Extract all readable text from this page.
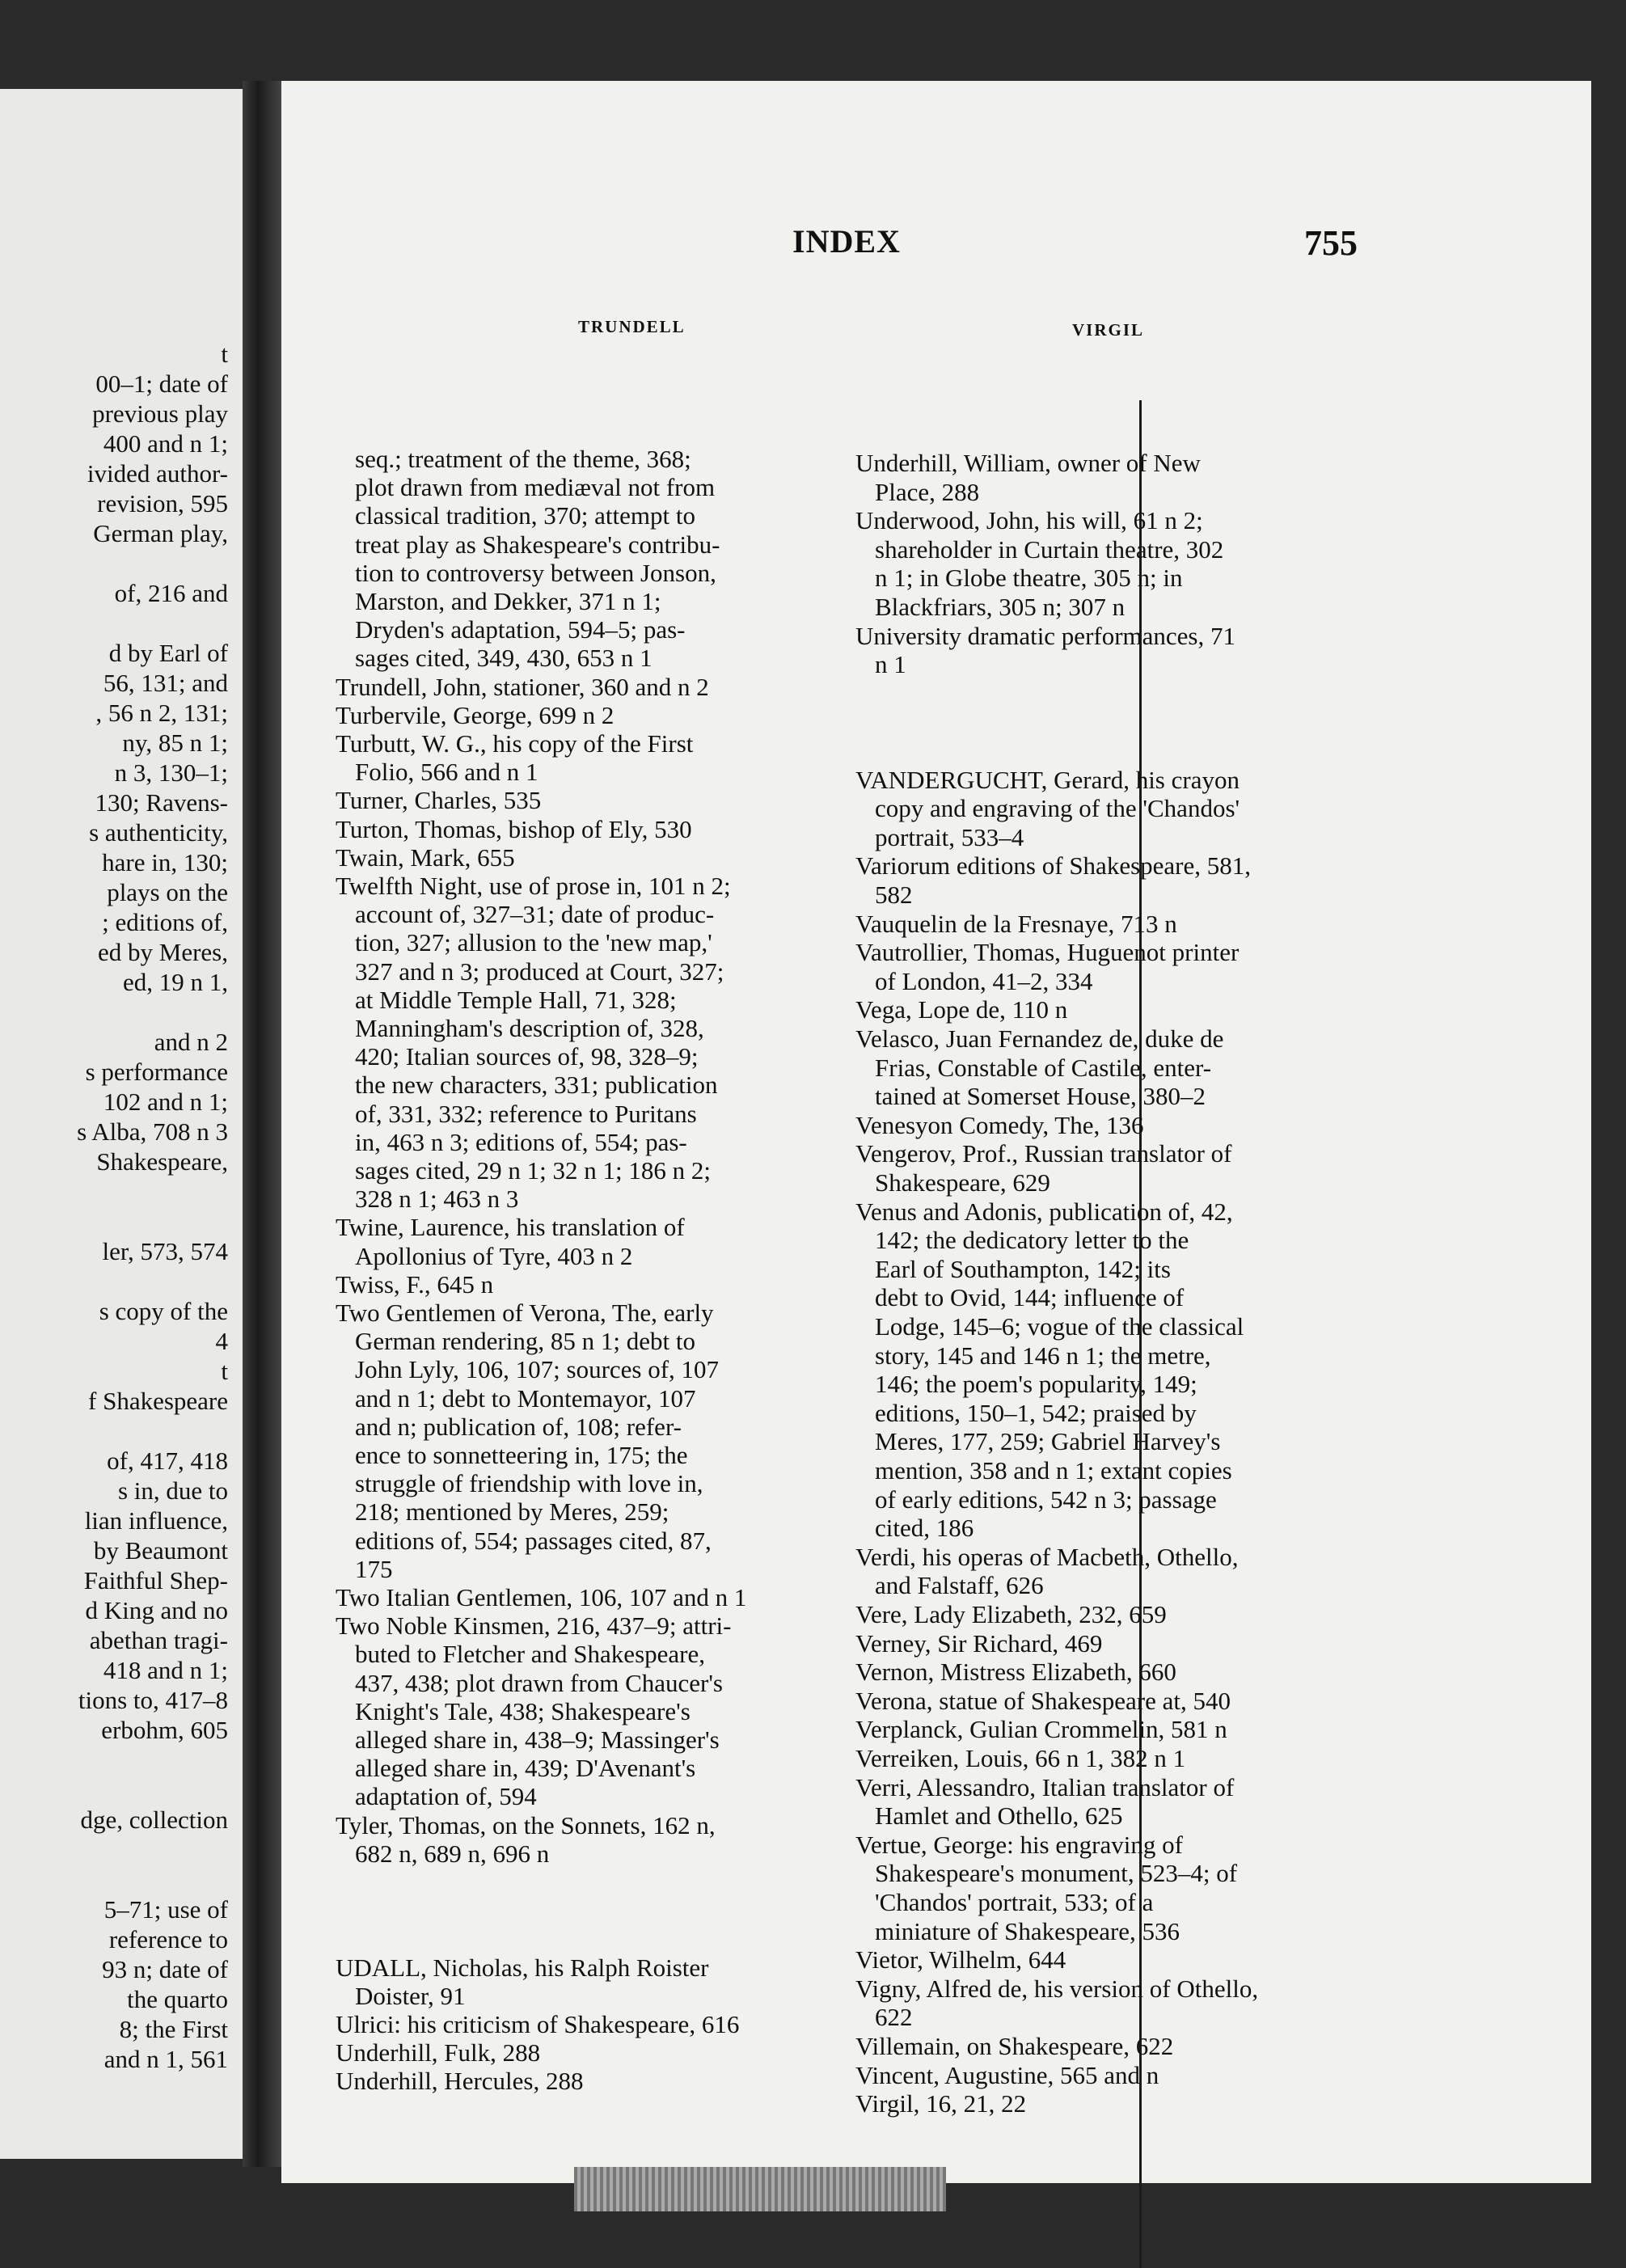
t
00–1; date of
previous play
400 and n 1;
ivided author-
revision, 595
German play,
of, 216 and
d by Earl of
56, 131; and
, 56 n 2, 131;
ny, 85 n 1;
n 3, 130–1;
130; Ravens-
s authenticity,
hare in, 130;
plays on the
; editions of,
ed by Meres,
ed, 19 n 1,
and n 2
s performance
102 and n 1;
s Alba, 708 n 3
Shakespeare,
ler, 573, 574
s copy of the
4
t
f Shakespeare
of, 417, 418
s in, due to
lian influence,
by Beaumont
Faithful Shep-
d King and no
abethan tragi-
418 and n 1;
tions to, 417–8
erbohm, 605
dge, collection
5–71; use of
reference to
93 n; date of
the quarto
8; the First
and n 1, 561
INDEX	755
TRUNDELL
seq.; treatment of the theme, 368;
plot drawn from mediæval not from
classical tradition, 370; attempt to
treat play as Shakespeare's contribu-
tion to controversy between Jonson,
Marston, and Dekker, 371 n 1;
Dryden's adaptation, 594–5; pas-
sages cited, 349, 430, 653 n 1
Trundell, John, stationer, 360 and n 2
Turbervile, George, 699 n 2
Turbutt, W. G., his copy of the First
Folio, 566 and n 1
Turner, Charles, 535
Turton, Thomas, bishop of Ely, 530
Twain, Mark, 655
Twelfth Night, use of prose in, 101 n 2;
account of, 327–31; date of produc-
tion, 327; allusion to the 'new map,'
327 and n 3; produced at Court, 327;
at Middle Temple Hall, 71, 328;
Manningham's description of, 328,
420; Italian sources of, 98, 328–9;
the new characters, 331; publication
of, 331, 332; reference to Puritans
in, 463 n 3; editions of, 554; pas-
sages cited, 29 n 1; 32 n 1; 186 n 2;
328 n 1; 463 n 3
Twine, Laurence, his translation of
Apollonius of Tyre, 403 n 2
Twiss, F., 645 n
Two Gentlemen of Verona, The, early
German rendering, 85 n 1; debt to
John Lyly, 106, 107; sources of, 107
and n 1; debt to Montemayor, 107
and n; publication of, 108; refer-
ence to sonnetteering in, 175; the
struggle of friendship with love in,
218; mentioned by Meres, 259;
editions of, 554; passages cited, 87,
175
Two Italian Gentlemen, 106, 107 and n 1
Two Noble Kinsmen, 216, 437–9; attri-
buted to Fletcher and Shakespeare,
437, 438; plot drawn from Chaucer's
Knight's Tale, 438; Shakespeare's
alleged share in, 438–9; Massinger's
alleged share in, 439; D'Avenant's
adaptation of, 594
Tyler, Thomas, on the Sonnets, 162 n,
682 n, 689 n, 696 n
UDALL, Nicholas, his Ralph Roister
Doister, 91
Ulrici: his criticism of Shakespeare, 616
Underhill, Fulk, 288
Underhill, Hercules, 288
VIRGIL
Underhill, William, owner of New
Place, 288
Underwood, John, his will, 61 n 2;
shareholder in Curtain theatre, 302
n 1; in Globe theatre, 305 n; in
Blackfriars, 305 n; 307 n
University dramatic performances, 71
n 1
VANDERGUCHT, Gerard, his crayon
copy and engraving of the 'Chandos'
portrait, 533–4
Variorum editions of Shakespeare, 581,
582
Vauquelin de la Fresnaye, 713 n
Vautrollier, Thomas, Huguenot printer
of London, 41–2, 334
Vega, Lope de, 110 n
Velasco, Juan Fernandez de, duke de
Frias, Constable of Castile, enter-
tained at Somerset House, 380–2
Venesyon Comedy, The, 136
Vengerov, Prof., Russian translator of
Shakespeare, 629
Venus and Adonis, publication of, 42,
142; the dedicatory letter to the
Earl of Southampton, 142; its
debt to Ovid, 144; influence of
Lodge, 145–6; vogue of the classical
story, 145 and 146 n 1; the metre,
146; the poem's popularity, 149;
editions, 150–1, 542; praised by
Meres, 177, 259; Gabriel Harvey's
mention, 358 and n 1; extant copies
of early editions, 542 n 3; passage
cited, 186
Verdi, his operas of Macbeth, Othello,
and Falstaff, 626
Vere, Lady Elizabeth, 232, 659
Verney, Sir Richard, 469
Vernon, Mistress Elizabeth, 660
Verona, statue of Shakespeare at, 540
Verplanck, Gulian Crommelin, 581 n
Verreiken, Louis, 66 n 1, 382 n 1
Verri, Alessandro, Italian translator of
Hamlet and Othello, 625
Vertue, George: his engraving of
Shakespeare's monument, 523–4; of
'Chandos' portrait, 533; of a
miniature of Shakespeare, 536
Vietor, Wilhelm, 644
Vigny, Alfred de, his version of Othello,
622
Villemain, on Shakespeare, 622
Vincent, Augustine, 565 and n
Virgil, 16, 21, 22
